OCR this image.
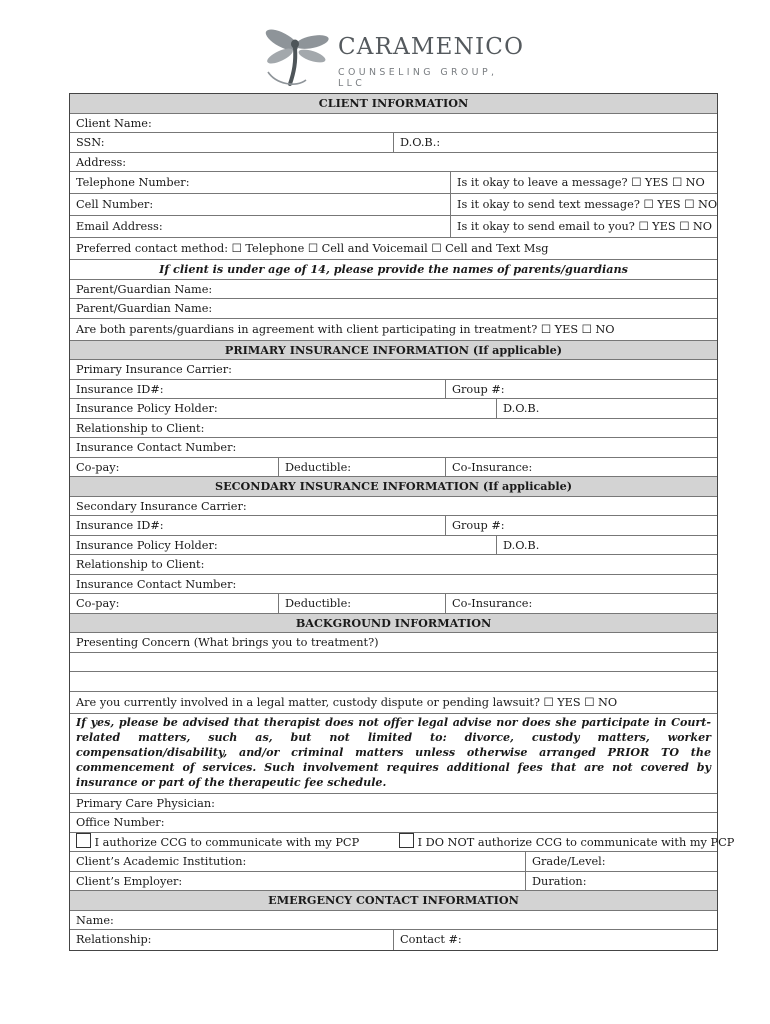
CARAMENICO
COUNSELING GROUP, LLC
CLIENT INFORMATION
Client Name:
SSN:	D.O.B.:
Address:
Telephone Number:	Is it okay to leave a message? ☐ YES ☐ NO
Cell Number:	Is it okay to send text message? ☐ YES ☐ NO
Email Address:	Is it okay to send email to you? ☐ YES ☐ NO
Preferred contact method: ☐ Telephone ☐ Cell and Voicemail ☐ Cell and Text Msg
If client is under age of 14, please provide the names of parents/guardians
Parent/Guardian Name:
Parent/Guardian Name:
Are both parents/guardians in agreement with client participating in treatment? ☐ YES ☐ NO
PRIMARY INSURANCE INFORMATION (If applicable)
Primary Insurance Carrier:
Insurance ID#:	Group #:
Insurance Policy Holder:	D.O.B.
Relationship to Client:
Insurance Contact Number:
Co-pay:	Deductible:	Co-Insurance:
SECONDARY INSURANCE INFORMATION (If applicable)
Secondary Insurance Carrier:
Insurance ID#:	Group #:
Insurance Policy Holder:	D.O.B.
Relationship to Client:
Insurance Contact Number:
Co-pay:	Deductible:	Co-Insurance:
BACKGROUND INFORMATION
Presenting Concern (What brings you to treatment?)
Are you currently involved in a legal matter, custody dispute or pending lawsuit? ☐ YES ☐ NO
If yes, please be advised that therapist does not offer legal advise nor does she participate in Court-related matters, such as, but not limited to: divorce, custody matters, worker compensation/disability, and/or criminal matters unless otherwise arranged PRIOR TO the commencement of services. Such involvement requires additional fees that are not covered by insurance or part of the therapeutic fee schedule.
Primary Care Physician:
Office Number:
I authorize CCG to communicate with my PCP	I DO NOT authorize CCG to communicate with my PCP
Client’s Academic Institution:	Grade/Level:
Client’s Employer:	Duration:
EMERGENCY CONTACT INFORMATION
Name:
Relationship:	Contact #:
